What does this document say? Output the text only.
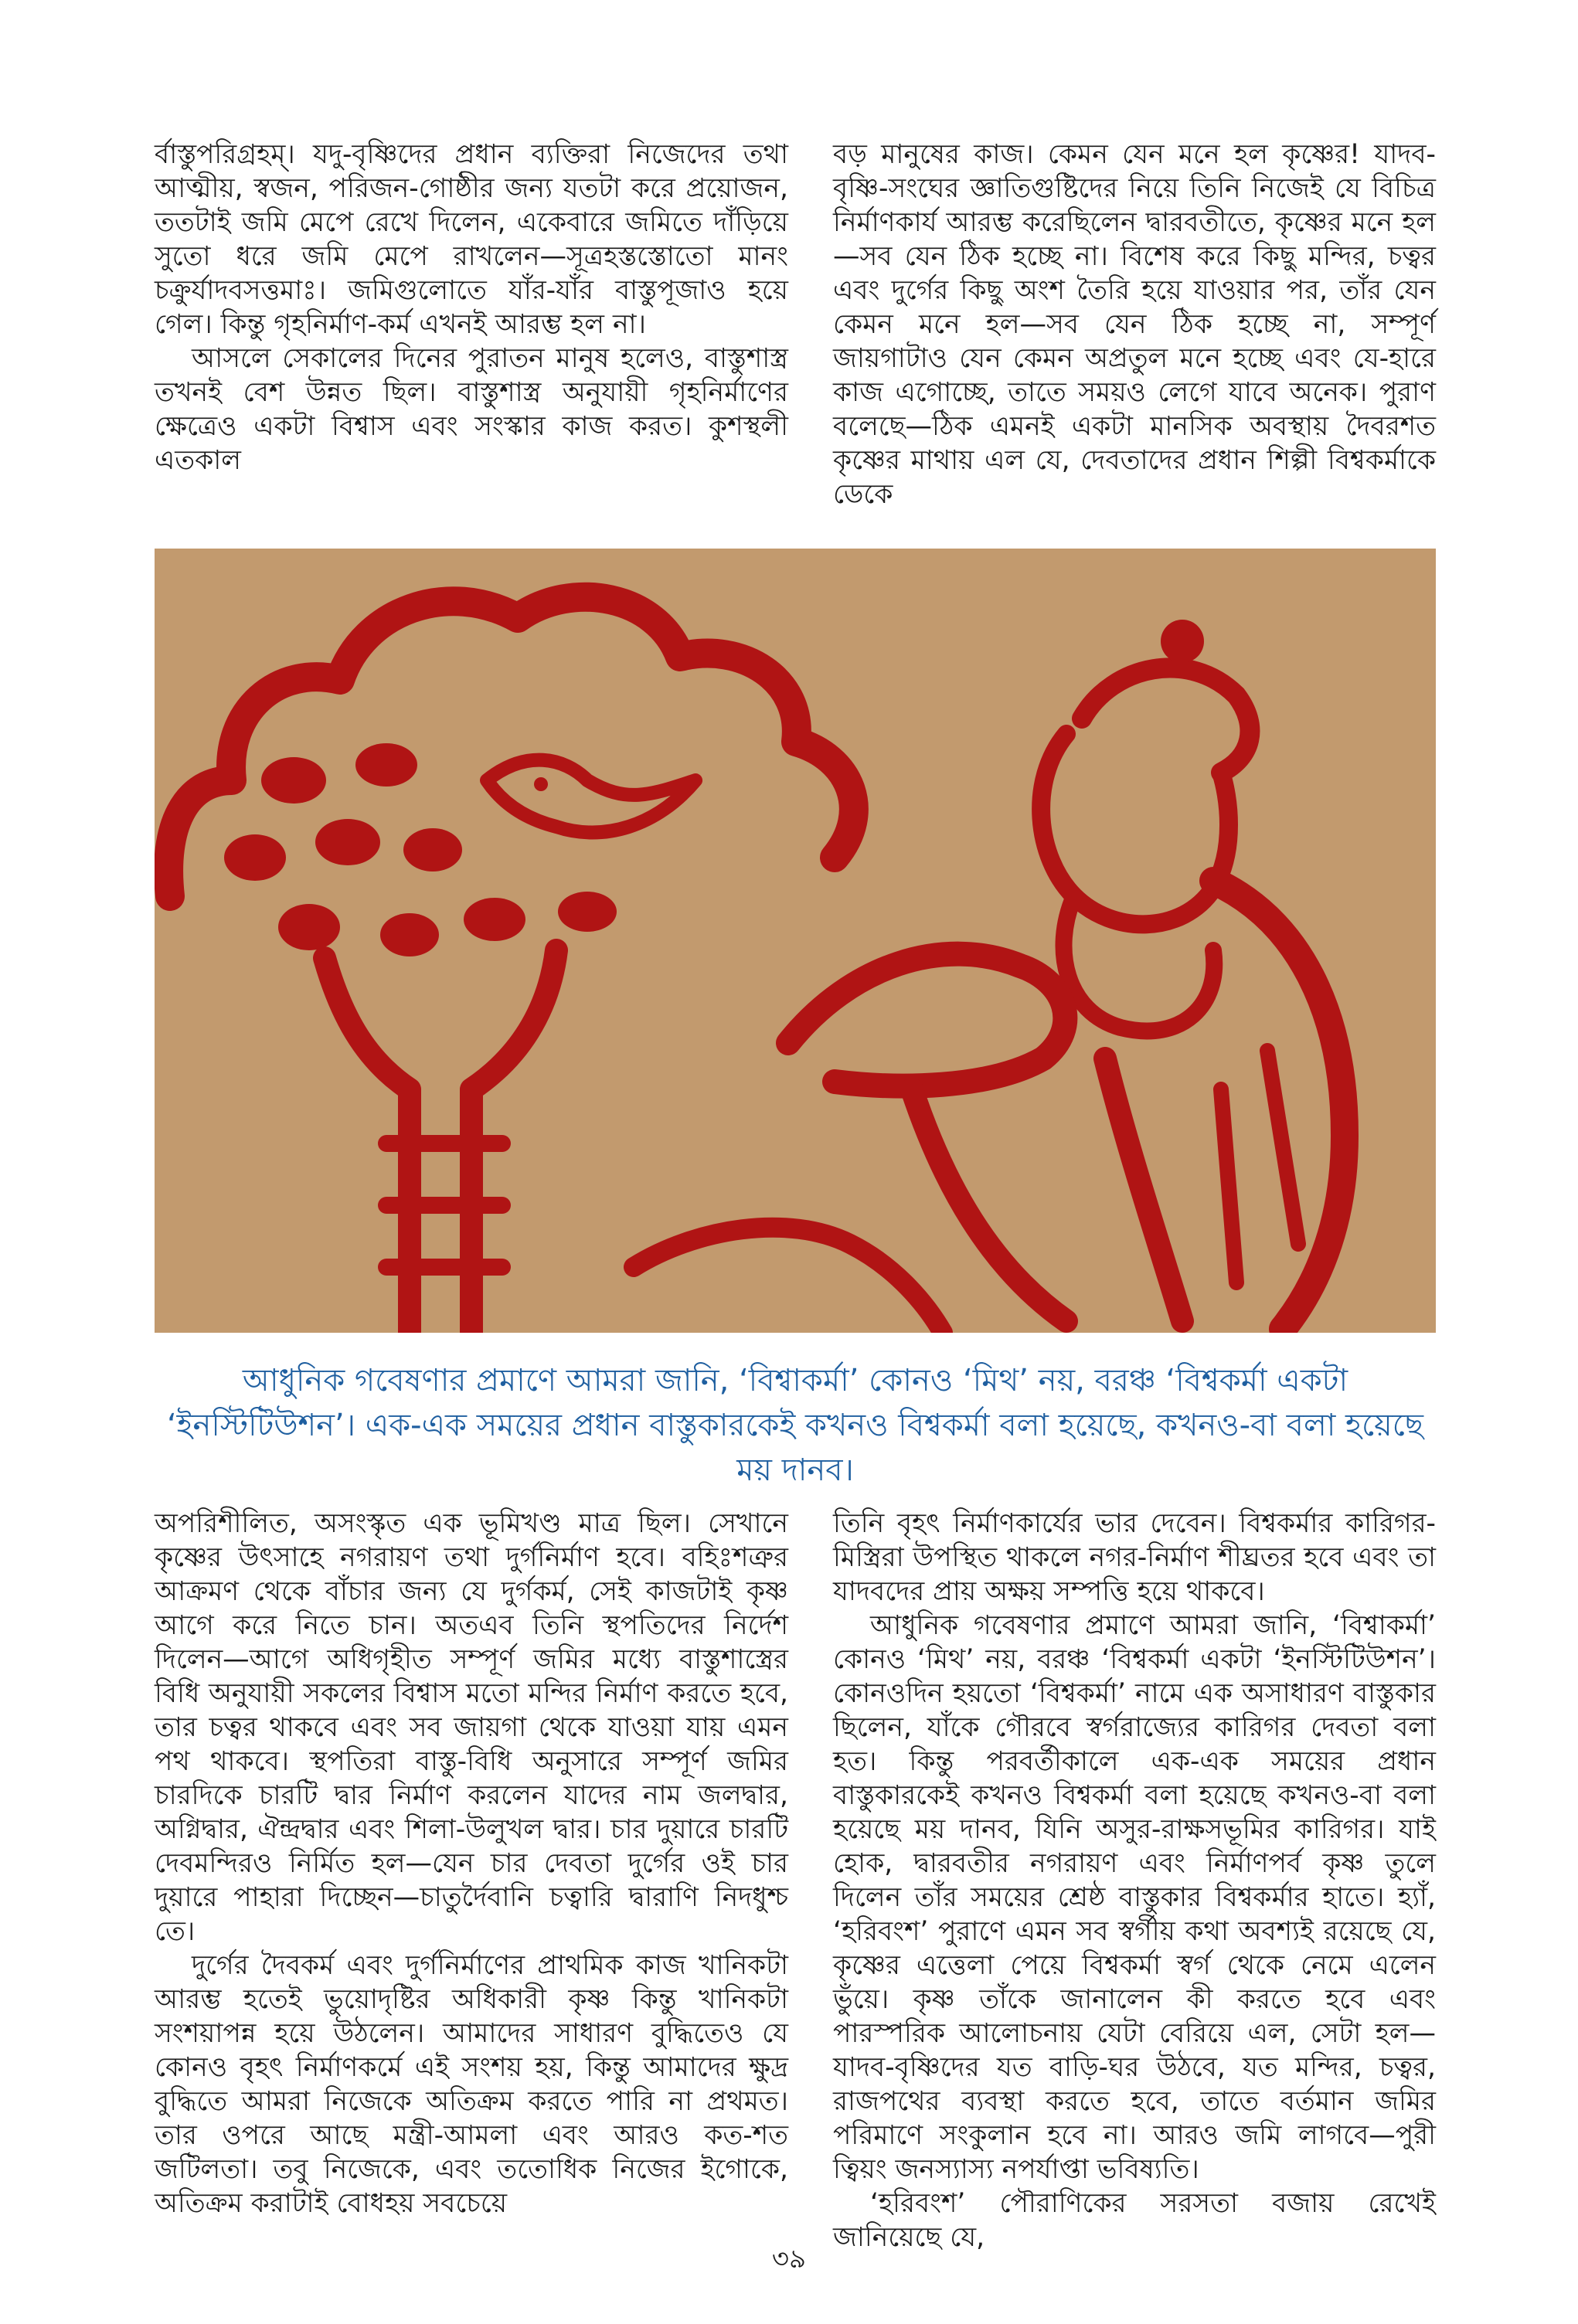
র্বাস্তুপরিগ্রহম্। যদু-বৃষ্ণিদের প্রধান ব্যক্তিরা নিজেদের তথা আত্মীয়, স্বজন, পরিজন-গোষ্ঠীর জন্য যতটা করে প্রয়োজন, ততটাই জমি মেপে রেখে দিলেন, একেবারে জমিতে দাঁড়িয়ে সুতো ধরে জমি মেপে রাখলেন—সূত্রহস্তস্তোতো মানং চক্রুর্যাদবসত্তমাঃ। জমিগুলোতে যাঁর-যাঁর বাস্তুপূজাও হয়ে গেল। কিন্তু গৃহনির্মাণ-কর্ম এখনই আরম্ভ হল না।

আসলে সেকালের দিনের পুরাতন মানুষ হলেও, বাস্তুশাস্ত্র তখনই বেশ উন্নত ছিল। বাস্তুশাস্ত্র অনুযায়ী গৃহনির্মাণের ক্ষেত্রেও একটা বিশ্বাস এবং সংস্কার কাজ করত। কুশস্থলী এতকাল

বড় মানুষের কাজ। কেমন যেন মনে হল কৃষ্ণের! যাদব-বৃষ্ণি-সংঘের জ্ঞাতিগুষ্টিদের নিয়ে তিনি নিজেই যে বিচিত্র নির্মাণকার্য আরম্ভ করেছিলেন দ্বারবতীতে, কৃষ্ণের মনে হল—সব যেন ঠিক হচ্ছে না। বিশেষ করে কিছু মন্দির, চত্বর এবং দুর্গের কিছু অংশ তৈরি হয়ে যাওয়ার পর, তাঁর যেন কেমন মনে হল—সব যেন ঠিক হচ্ছে না, সম্পূর্ণ জায়গাটাও যেন কেমন অপ্রতুল মনে হচ্ছে এবং যে-হারে কাজ এগোচ্ছে, তাতে সময়ও লেগে যাবে অনেক। পুরাণ বলেছে—ঠিক এমনই একটা মানসিক অবস্থায় দৈবরশত কৃষ্ণের মাথায় এল যে, দেবতাদের প্রধান শিল্পী বিশ্বকর্মাকে ডেকে

আধুনিক গবেষণার প্রমাণে আমরা জানি, ‘বিশ্বাকর্মা’ কোনও ‘মিথ’ নয়, বরঞ্চ ‘বিশ্বকর্মা একটা ‘ইনস্টিটিউশন’। এক-এক সময়ের প্রধান বাস্তুকারকেই কখনও বিশ্বকর্মা বলা হয়েছে, কখনও-বা বলা হয়েছে ময় দানব।

অপরিশীলিত, অসংস্কৃত এক ভূমিখণ্ড মাত্র ছিল। সেখানে কৃষ্ণের উৎসাহে নগরায়ণ তথা দুর্গনির্মাণ হবে। বহিঃশত্রুর আক্রমণ থেকে বাঁচার জন্য যে দুর্গকর্ম, সেই কাজটাই কৃষ্ণ আগে করে নিতে চান। অতএব তিনি স্থপতিদের নির্দেশ দিলেন—আগে অধিগৃহীত সম্পূর্ণ জমির মধ্যে বাস্তুশাস্ত্রের বিধি অনুযায়ী সকলের বিশ্বাস মতো মন্দির নির্মাণ করতে হবে, তার চত্বর থাকবে এবং সব জায়গা থেকে যাওয়া যায় এমন পথ থাকবে। স্থপতিরা বাস্তু-বিধি অনুসারে সম্পূর্ণ জমির চারদিকে চারটি দ্বার নির্মাণ করলেন যাদের নাম জলদ্বার, অগ্নিদ্বার, ঐন্দ্রদ্বার এবং শিলা-উলুখল দ্বার। চার দুয়ারে চারটি দেবমন্দিরও নির্মিত হল—যেন চার দেবতা দুর্গের ওই চার দুয়ারে পাহারা দিচ্ছেন—চাতুর্দৈবানি চত্বারি দ্বারাণি নিদধুশ্চ তে।

দুর্গের দৈবকর্ম এবং দুর্গনির্মাণের প্রাথমিক কাজ খানিকটা আরম্ভ হতেই ভুয়োদৃষ্টির অধিকারী কৃষ্ণ কিন্তু খানিকটা সংশয়াপন্ন হয়ে উঠলেন। আমাদের সাধারণ বুদ্ধিতেও যে কোনও বৃহৎ নির্মাণকর্মে এই সংশয় হয়, কিন্তু আমাদের ক্ষুদ্র বুদ্ধিতে আমরা নিজেকে অতিক্রম করতে পারি না প্রথমত। তার ওপরে আছে মন্ত্রী-আমলা এবং আরও কত-শত জটিলতা। তবু নিজেকে, এবং ততোধিক নিজের ইগোকে, অতিক্রম করাটাই বোধহয় সবচেয়ে

তিনি বৃহৎ নির্মাণকার্যের ভার দেবেন। বিশ্বকর্মার কারিগর-মিস্ত্রিরা উপস্থিত থাকলে নগর-নির্মাণ শীঘ্রতর হবে এবং তা যাদবদের প্রায় অক্ষয় সম্পত্তি হয়ে থাকবে।

আধুনিক গবেষণার প্রমাণে আমরা জানি, ‘বিশ্বাকর্মা’ কোনও ‘মিথ’ নয়, বরঞ্চ ‘বিশ্বকর্মা একটা ‘ইনস্টিটিউশন’। কোনওদিন হয়তো ‘বিশ্বকর্মা’ নামে এক অসাধারণ বাস্তুকার ছিলেন, যাঁকে গৌরবে স্বর্গরাজ্যের কারিগর দেবতা বলা হত। কিন্তু পরবর্তীকালে এক-এক সময়ের প্রধান বাস্তুকারকেই কখনও বিশ্বকর্মা বলা হয়েছে কখনও-বা বলা হয়েছে ময় দানব, যিনি অসুর-রাক্ষসভূমির কারিগর। যাই হোক, দ্বারবতীর নগরায়ণ এবং নির্মাণপর্ব কৃষ্ণ তুলে দিলেন তাঁর সময়ের শ্রেষ্ঠ বাস্তুকার বিশ্বকর্মার হাতে। হ্যাঁ, ‘হরিবংশ’ পুরাণে এমন সব স্বর্গীয় কথা অবশ্যই রয়েছে যে, কৃষ্ণের এত্তেলা পেয়ে বিশ্বকর্মা স্বর্গ থেকে নেমে এলেন ভুঁয়ে। কৃষ্ণ তাঁকে জানালেন কী করতে হবে এবং পারস্পরিক আলোচনায় যেটা বেরিয়ে এল, সেটা হল—যাদব-বৃষ্ণিদের যত বাড়ি-ঘর উঠবে, যত মন্দির, চত্বর, রাজপথের ব্যবস্থা করতে হবে, তাতে বর্তমান জমির পরিমাণে সংকুলান হবে না। আরও জমি লাগবে—পুরী ত্বিয়ং জনস্যাস্য নপর্যাপ্তা ভবিষ্যতি।

‘হরিবংশ’ পৌরাণিকের সরসতা বজায় রেখেই জানিয়েছে যে,

৩৯
